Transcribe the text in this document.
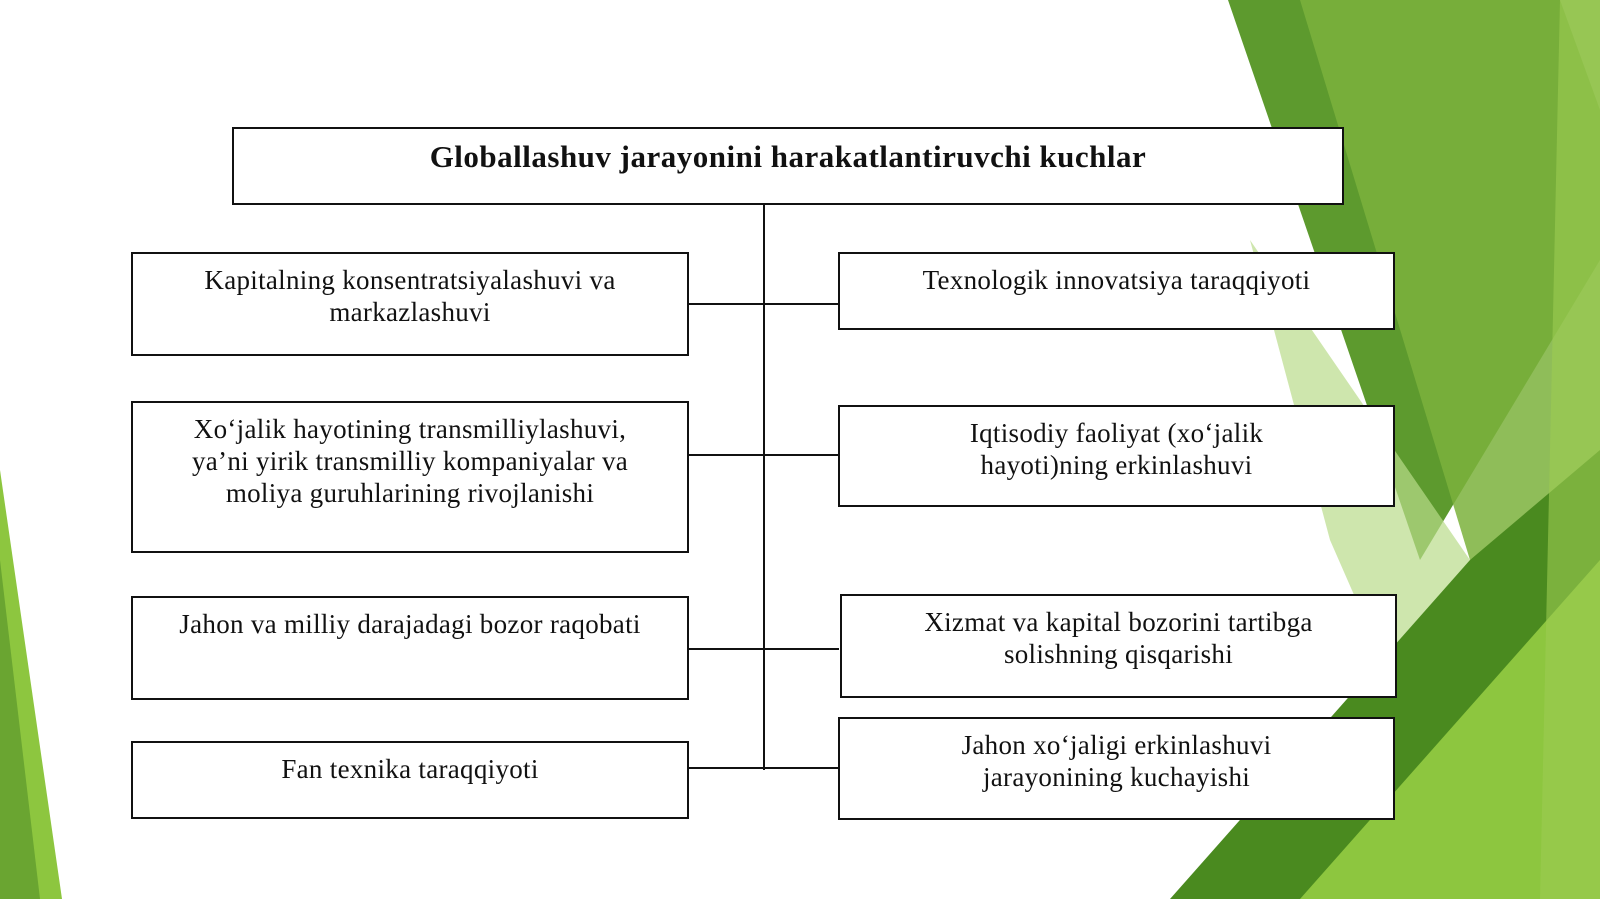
Globallashuv jarayonini harakatlantiruvchi kuchlar
Kapitalning konsentratsiyalashuvi va markazlashuvi
Xo‘jalik hayotining transmilliylashuvi, ya’ni yirik transmilliy kompaniyalar va moliya guruhlarining rivojlanishi
Jahon va milliy darajadagi bozor raqobati
Fan texnika taraqqiyoti
Texnologik innovatsiya taraqqiyoti
Iqtisodiy faoliyat (xo‘jalik hayoti)ning erkinlashuvi
Xizmat va kapital bozorini tartibga solishning qisqarishi
Jahon xo‘jaligi erkinlashuvi jarayonining kuchayishi
